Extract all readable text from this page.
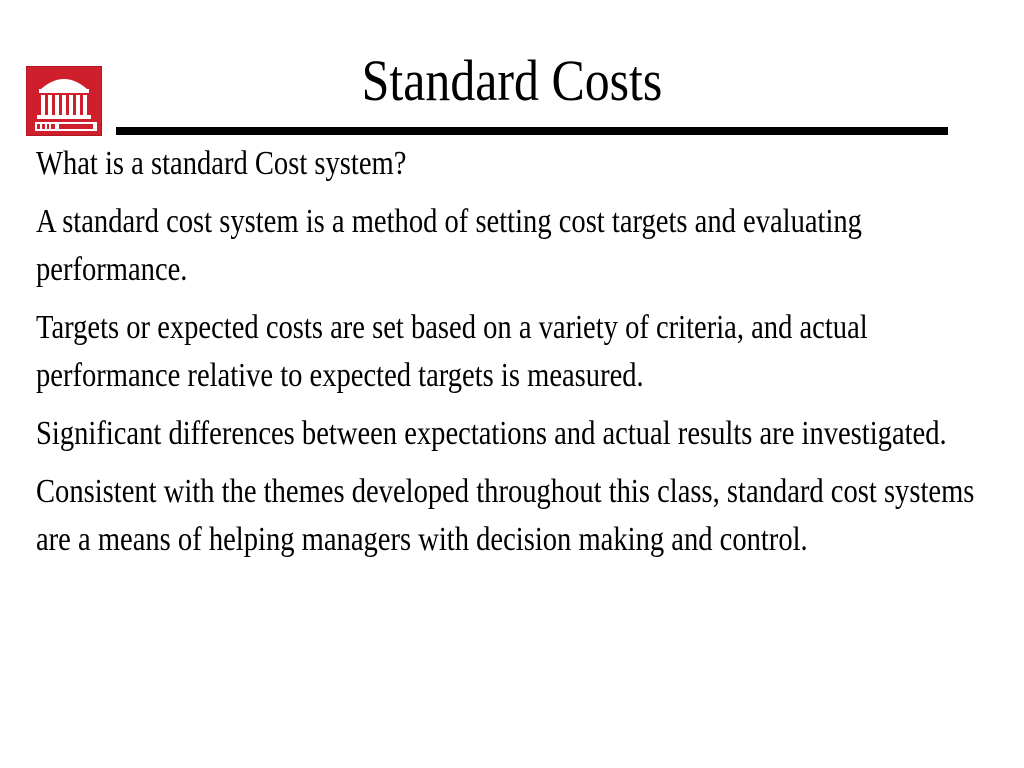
Standard Costs

What is a standard Cost system?

A standard cost system is a method of setting cost targets and evaluating performance.

Targets or expected costs are set based on a variety of criteria, and actual performance relative to expected targets is measured.

Significant differences between expectations and actual results are investigated.

Consistent with the themes developed throughout this class, standard cost systems are a means of helping managers with decision making and control.
